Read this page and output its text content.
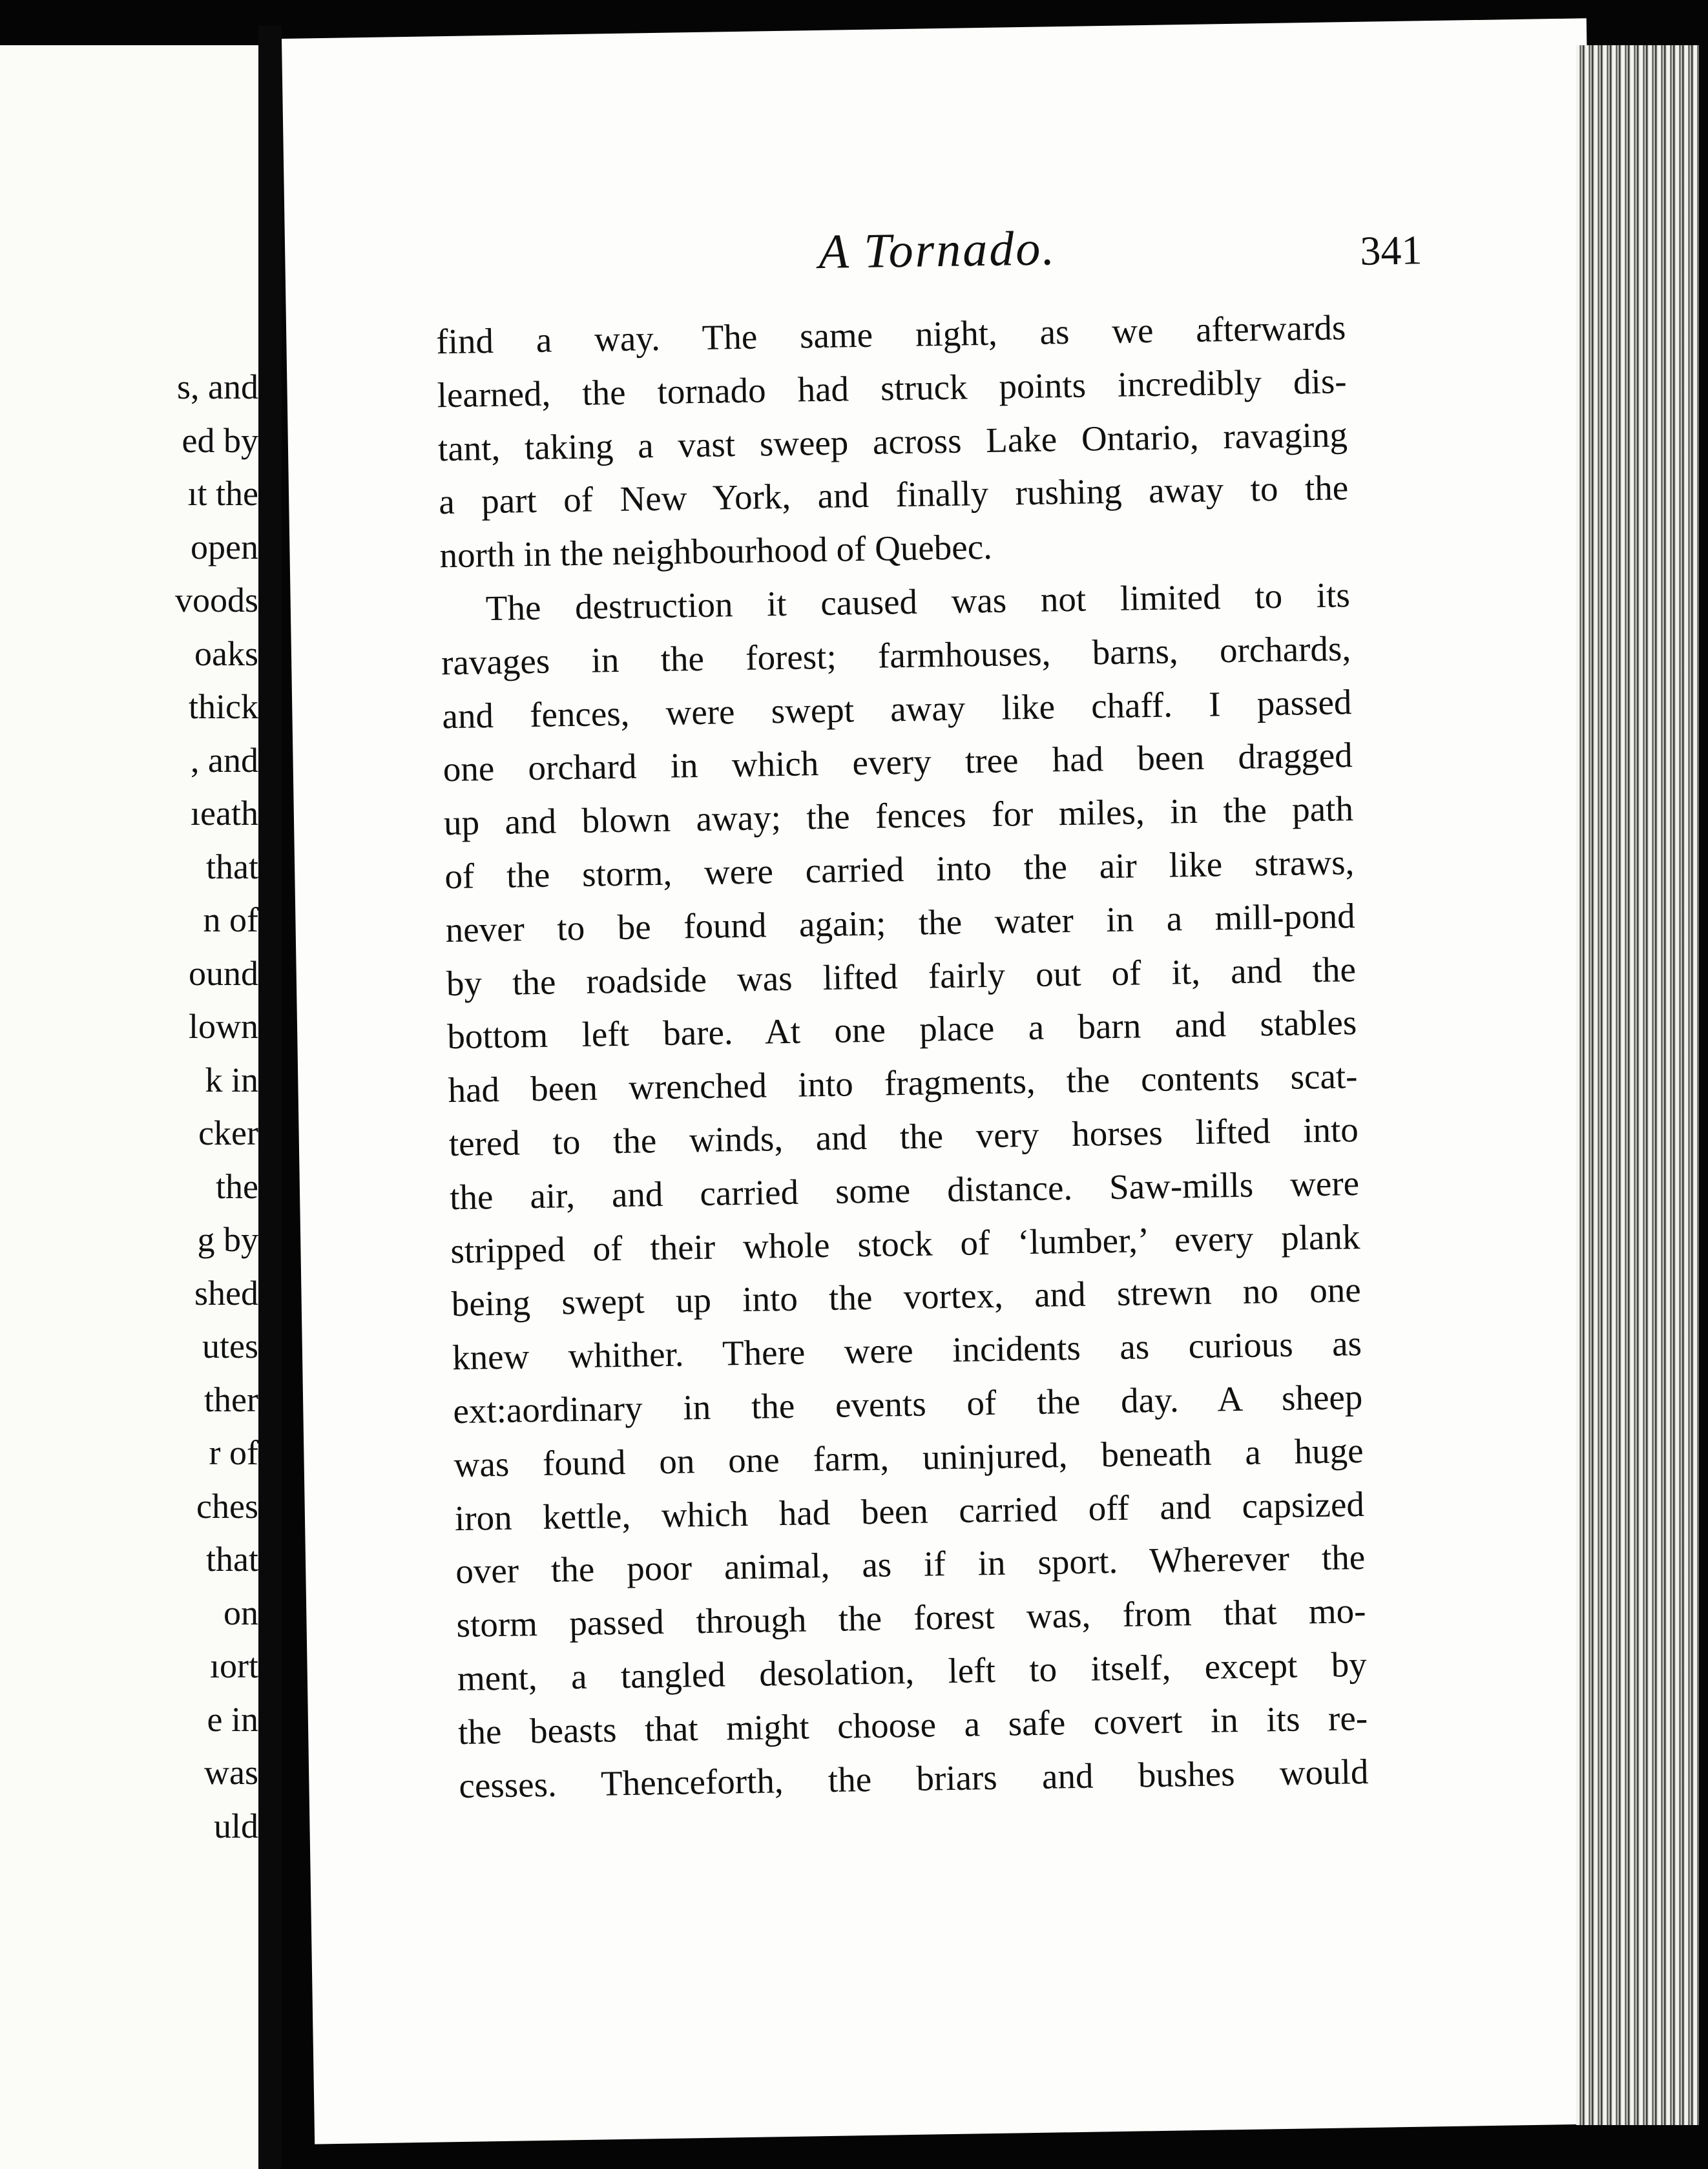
s, and
ed by
ıt the
open
voods
oaks
thick
, and
ıeath
that
n of
ound
lown
k in
cker
the
g by
shed
utes
ther
r of
ches
that
on
ıort
e in
was
uld
A Tornado.	341
find a way. The same night, as we afterwards
learned, the tornado had struck points incredibly dis-
tant, taking a vast sweep across Lake Ontario, ravaging
a part of New York, and finally rushing away to the
north in the neighbourhood of Quebec.
The destruction it caused was not limited to its
ravages in the forest; farmhouses, barns, orchards,
and fences, were swept away like chaff. I passed
one orchard in which every tree had been dragged
up and blown away; the fences for miles, in the path
of the storm, were carried into the air like straws,
never to be found again; the water in a mill-pond
by the roadside was lifted fairly out of it, and the
bottom left bare. At one place a barn and stables
had been wrenched into fragments, the contents scat-
tered to the winds, and the very horses lifted into
the air, and carried some distance. Saw-mills were
stripped of their whole stock of ‘lumber,’ every plank
being swept up into the vortex, and strewn no one
knew whither. There were incidents as curious as
ext:aordinary in the events of the day. A sheep
was found on one farm, uninjured, beneath a huge
iron kettle, which had been carried off and capsized
over the poor animal, as if in sport. Wherever the
storm passed through the forest was, from that mo-
ment, a tangled desolation, left to itself, except by
the beasts that might choose a safe covert in its re-
cesses. Thenceforth, the briars and bushes would
